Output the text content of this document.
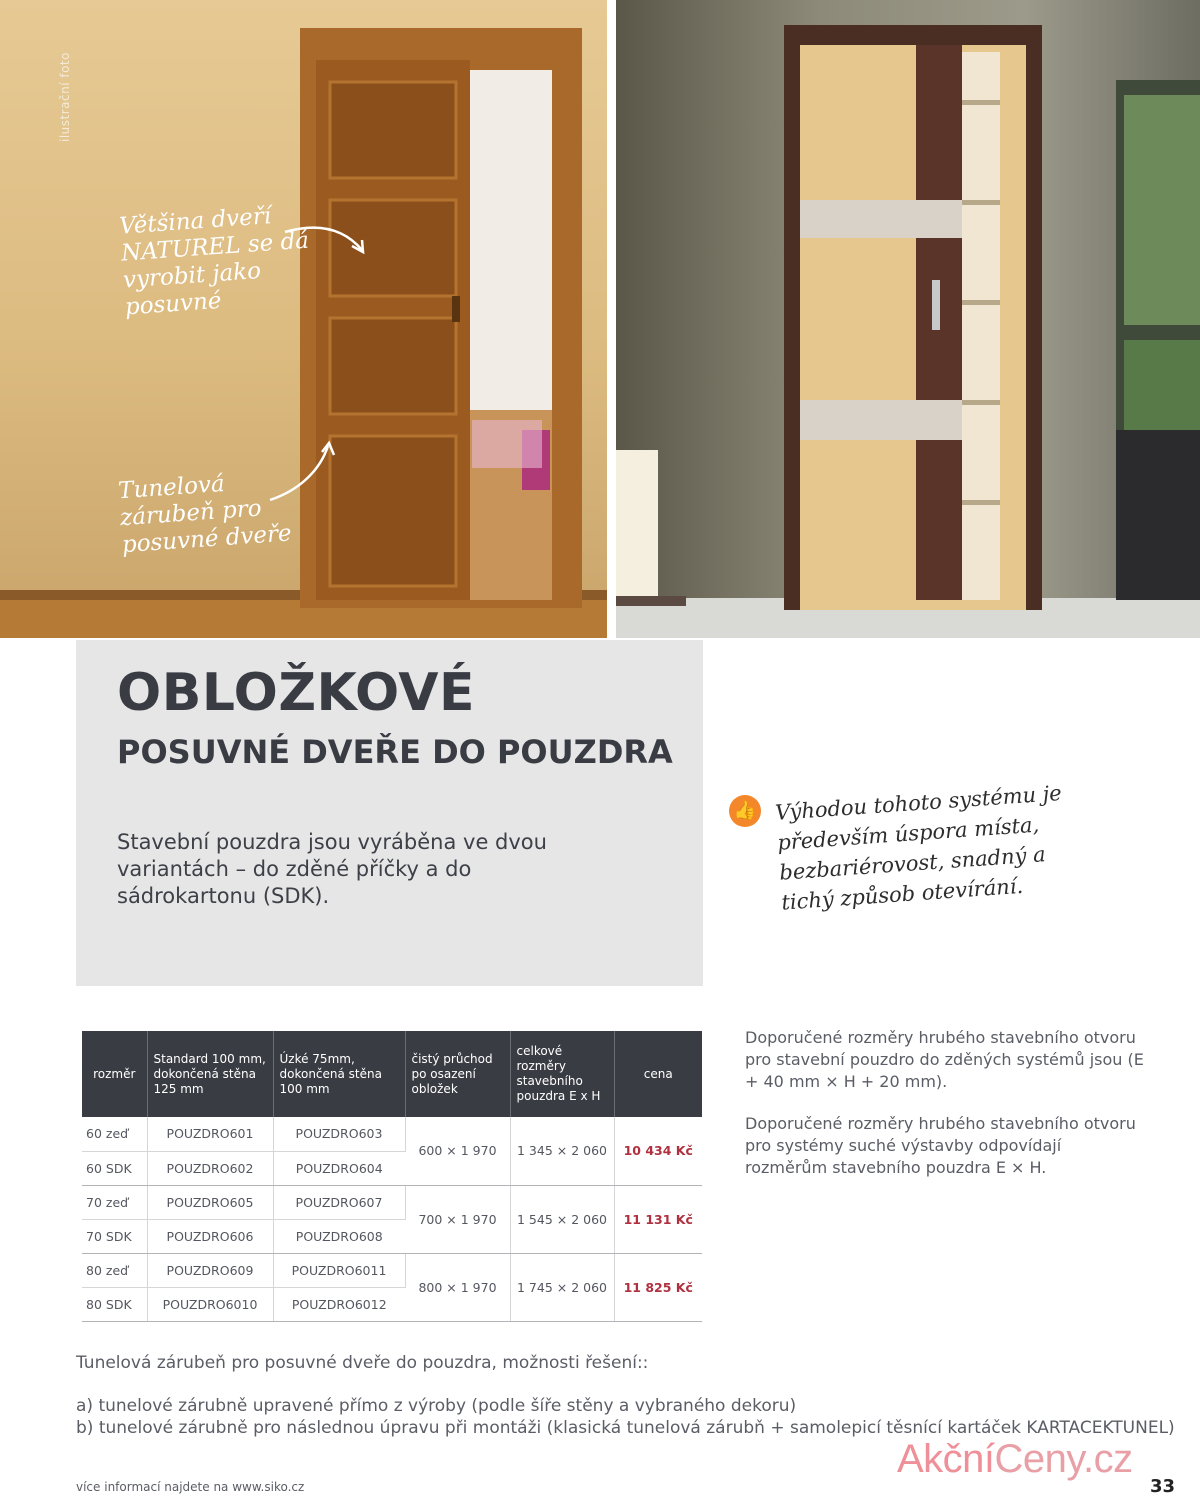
ilustrační foto
Většina dveří NATUREL se dá vyrobit jako posuvné
Tunelová zárubeň pro posuvné dveře
OBLOŽKOVÉ
POSUVNÉ DVEŘE DO POUZDRA

Stavební pouzdra jsou vyráběna ve dvou variantách – do zděné příčky a do sádrokartonu (SDK).

👍 Výhodou tohoto systému je především úspora místa, bezbariérovost, snadný a tichý způsob otevírání.
rozměr	Standard 100 mm, dokončená stěna 125 mm	Úzké 75mm, dokončená stěna 100 mm	čistý průchod po osazení obložek	celkové rozměry stavebního pouzdra E x H	cena
60 zeď	POUZDRO601	POUZDRO603	600 × 1 970	1 345 × 2 060	10 434 Kč
60 SDK	POUZDRO602	POUZDRO604			
70 zeď	POUZDRO605	POUZDRO607	700 × 1 970	1 545 × 2 060	11 131 Kč
70 SDK	POUZDRO606	POUZDRO608			
80 zeď	POUZDRO609	POUZDRO6011	800 × 1 970	1 745 × 2 060	11 825 Kč
80 SDK	POUZDRO6010	POUZDRO6012			

Doporučené rozměry hrubého stavebního otvoru pro stavební pouzdro do zděných systémů jsou (E + 40 mm × H + 20 mm).

Doporučené rozměry hrubého stavebního otvoru pro systémy suché výstavby odpovídají rozměrům stavebního pouzdra E × H.

Tunelová zárubeň pro posuvné dveře do pouzdra, možnosti řešení::

a) tunelové zárubně upravené přímo z výroby (podle šíře stěny a vybraného dekoru)

b) tunelové zárubně pro následnou úpravu při montáži (klasická tunelová zárubň + samolepicí těsnící kartáček KARTACEKTUNEL)

více informací najdete na www.siko.cz

AkčníCeny.cz
33
